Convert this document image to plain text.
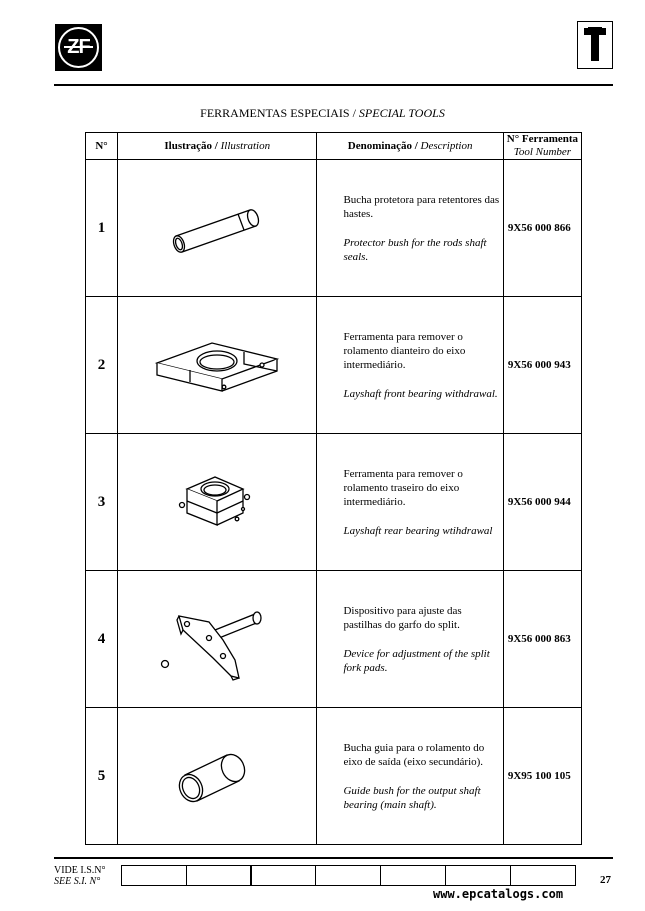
ZF
FERRAMENTAS ESPECIAIS / SPECIAL TOOLS
N°	Ilustração / Illustration	Denominação / Description	N° Ferramenta
Tool Number

1		Bucha protetora para retentores das hastes.
Protector bush for the rods shaft seals.	9X56 000 866
2		Ferramenta para remover o rolamento dianteiro do eixo intermediário.
Layshaft front bearing withdrawal.	9X56 000 943
3		Ferramenta para remover o rolamento traseiro do eixo intermediário.
Layshaft rear bearing wtihdrawal	9X56 000 944
4		Dispositivo para ajuste das pastilhas do garfo do split.
Device for adjustment of the split fork pads.	9X56 000 863
5		Bucha guia para o rolamento do eixo de saída (eixo secundário).
Guide bush for the output shaft bearing (main shaft).	9X95 100 105
VIDE I.S.N°
SEE S.I. N°
www.epcatalogs.com
27
